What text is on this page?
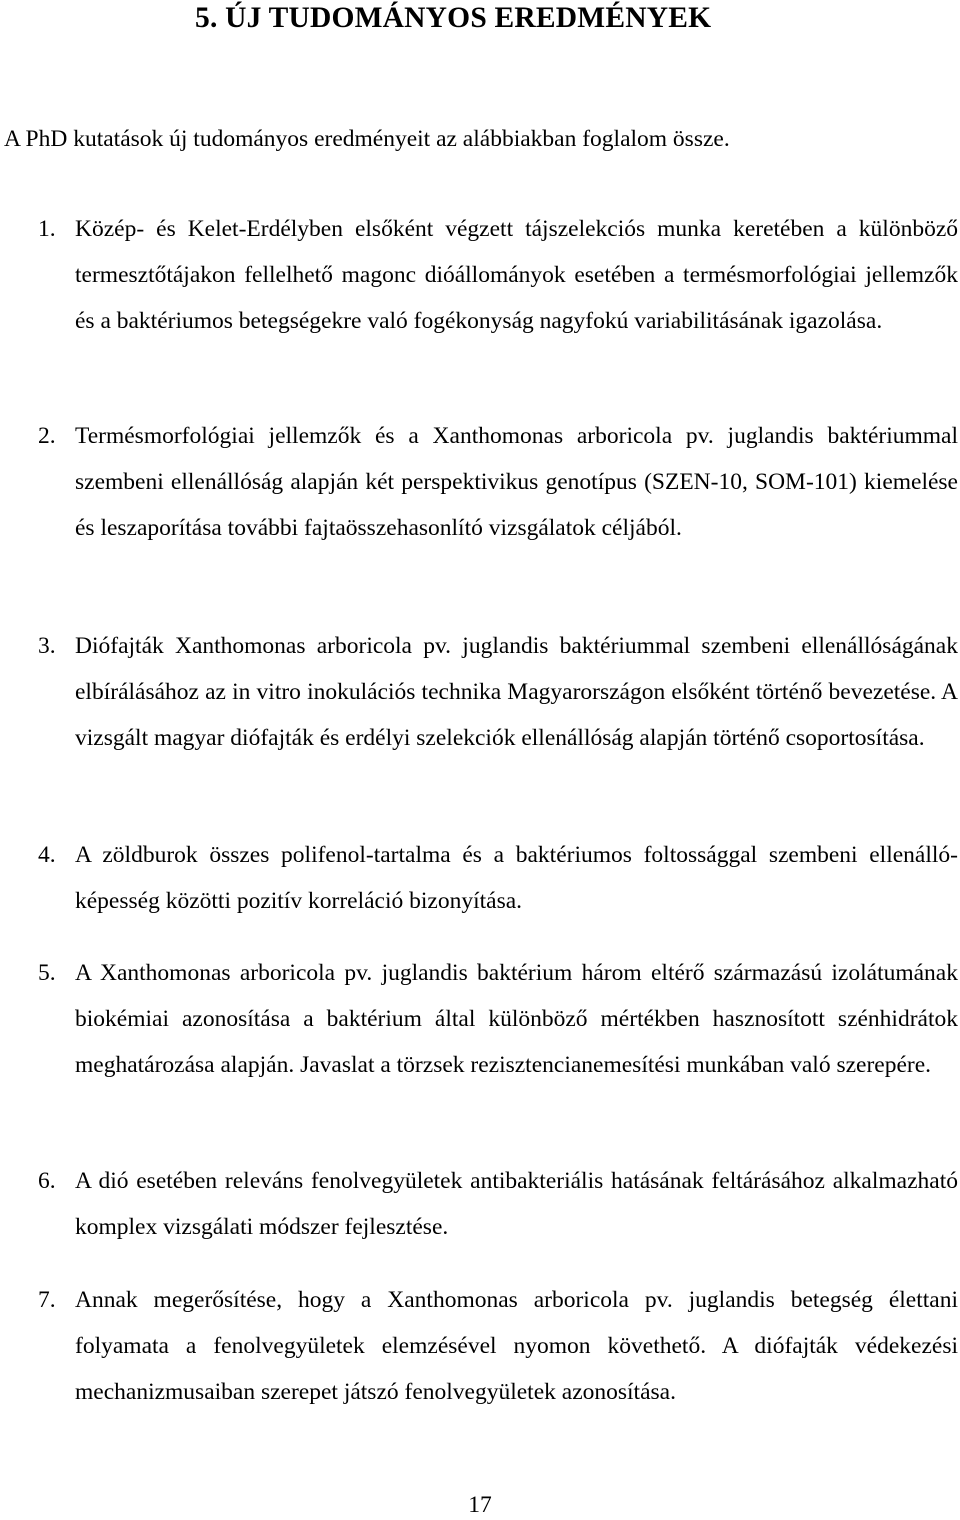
5. ÚJ TUDOMÁNYOS EREDMÉNYEK

A PhD kutatások új tudományos eredményeit az alábbiakban foglalom össze.

1. Közép- és Kelet-Erdélyben elsőként végzett tájszelekciós munka keretében a különböző termesztőtájakon fellelhető magonc dióállományok esetében a termésmorfológiai jellemzők és a baktériumos betegségekre való fogékonyság nagyfokú variabilitásának igazolása.
2. Termésmorfológiai jellemzők és a Xanthomonas arboricola pv. juglandis baktériummal szembeni ellenállóság alapján két perspektivikus genotípus (SZEN-10, SOM-101) kiemelése és leszaporítása további fajtaösszehasonlító vizsgálatok céljából.
3. Diófajták Xanthomonas arboricola pv. juglandis baktériummal szembeni ellenállóságának elbírálásához az in vitro inokulációs technika Magyarországon elsőként történő bevezetése. A vizsgált magyar diófajták és erdélyi szelekciók ellenállóság alapján történő csoportosítása.
4. A zöldburok összes polifenol-tartalma és a baktériumos foltossággal szembeni ellenálló-képesség közötti pozitív korreláció bizonyítása.
5. A Xanthomonas arboricola pv. juglandis baktérium három eltérő származású izolátumának biokémiai azonosítása a baktérium által különböző mértékben hasznosított szénhidrátok meghatározása alapján. Javaslat a törzsek rezisztencianemesítési munkában való szerepére.
6. A dió esetében releváns fenolvegyületek antibakteriális hatásának feltárásához alkalmazható komplex vizsgálati módszer fejlesztése.
7. Annak megerősítése, hogy a Xanthomonas arboricola pv. juglandis betegség élettani folyamata a fenolvegyületek elemzésével nyomon követhető. A diófajták védekezési mechanizmusaiban szerepet játszó fenolvegyületek azonosítása.

17
